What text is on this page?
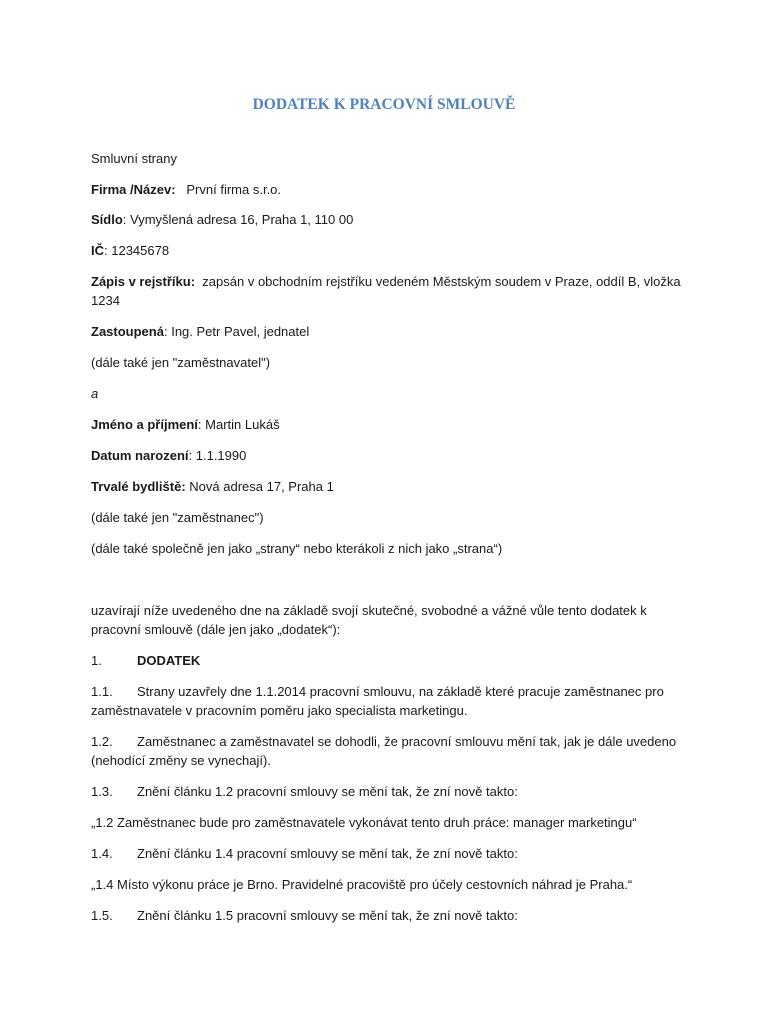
DODATEK K PRACOVNÍ SMLOUVĚ

Smluvní strany

Firma /Název: První firma s.r.o.

Sídlo: Vymyšlená adresa 16, Praha 1, 110 00

IČ: 12345678

Zápis v rejstříku: zapsán v obchodním rejstříku vedeném Městským soudem v Praze, oddíl B, vložka

1234

Zastoupená: Ing. Petr Pavel, jednatel

(dále také jen "zaměstnavatel")

a

Jméno a příjmení: Martin Lukáš

Datum narození: 1.1.1990

Trvalé bydliště: Nová adresa 17, Praha 1

(dále také jen "zaměstnanec")

(dále také společně jen jako „strany“ nebo kterákoli z nich jako „strana“)

uzavírají níže uvedeného dne na základě svojí skutečné, svobodné a vážné vůle tento dodatek k

pracovní smlouvě (dále jen jako „dodatek“):

1.	DODATEK

1.1. Strany uzavřely dne 1.1.2014 pracovní smlouvu, na základě které pracuje zaměstnanec pro

zaměstnavatele v pracovním poměru jako specialista marketingu.

1.2. Zaměstnanec a zaměstnavatel se dohodli, že pracovní smlouvu mění tak, jak je dále uvedeno

(nehodící změny se vynechají).

1.3. Znění článku 1.2 pracovní smlouvy se mění tak, že zní nově takto:

„1.2 Zaměstnanec bude pro zaměstnavatele vykonávat tento druh práce: manager marketingu“

1.4. Znění článku 1.4 pracovní smlouvy se mění tak, že zní nově takto:

„1.4 Místo výkonu práce je Brno. Pravidelné pracoviště pro účely cestovních náhrad je Praha.“

1.5. Znění článku 1.5 pracovní smlouvy se mění tak, že zní nově takto:
